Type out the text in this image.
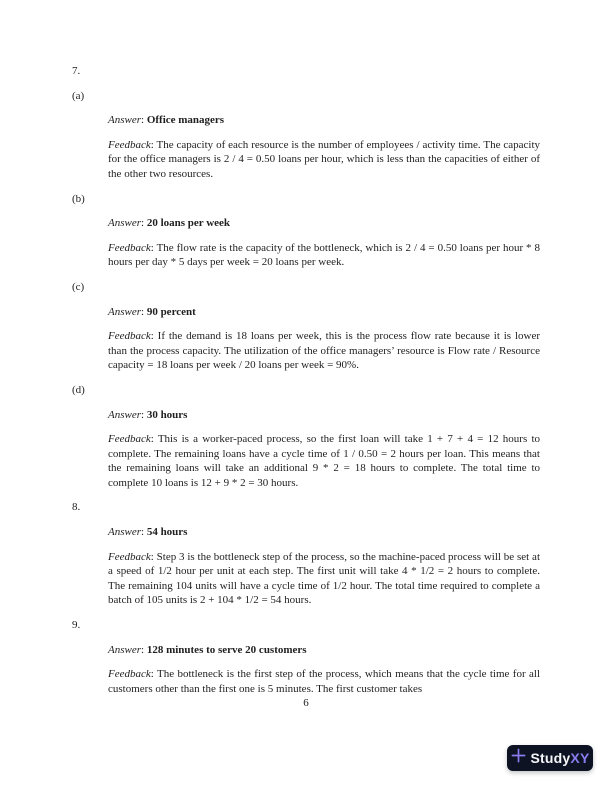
7.
(a)

Answer: Office managers

Feedback: The capacity of each resource is the number of employees / activity time. The capacity for the office managers is 2 / 4 = 0.50 loans per hour, which is less than the capacities of either of the other two resources.

(b)

Answer: 20 loans per week

Feedback: The flow rate is the capacity of the bottleneck, which is 2 / 4 = 0.50 loans per hour * 8 hours per day * 5 days per week = 20 loans per week.

(c)

Answer: 90 percent

Feedback: If the demand is 18 loans per week, this is the process flow rate because it is lower than the process capacity. The utilization of the office managers’ resource is Flow rate / Resource capacity = 18 loans per week / 20 loans per week = 90%.

(d)

Answer: 30 hours

Feedback: This is a worker-paced process, so the first loan will take 1 + 7 + 4 = 12 hours to complete. The remaining loans have a cycle time of 1 / 0.50 = 2 hours per loan. This means that the remaining loans will take an additional 9 * 2 = 18 hours to complete. The total time to complete 10 loans is 12 + 9 * 2 = 30 hours.

8.

Answer: 54 hours

Feedback: Step 3 is the bottleneck step of the process, so the machine-paced process will be set at a speed of 1/2 hour per unit at each step. The first unit will take 4 * 1/2 = 2 hours to complete. The remaining 104 units will have a cycle time of 1/2 hour. The total time required to complete a batch of 105 units is 2 + 104 * 1/2 = 54 hours.

9.

Answer: 128 minutes to serve 20 customers

Feedback: The bottleneck is the first step of the process, which means that the cycle time for all customers other than the first one is 5 minutes. The first customer takes

6
StudyXY
